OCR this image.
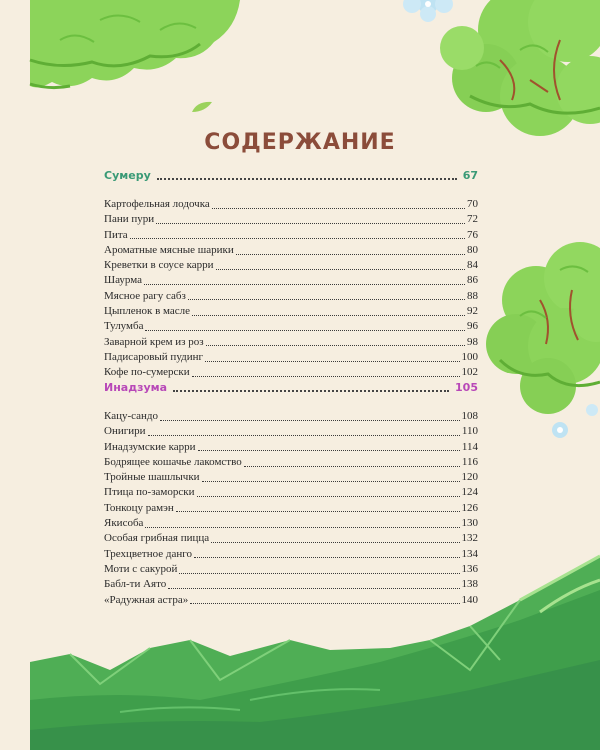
СОДЕРЖАНИЕ
Сумеру	67
Картофельная лодочка	70
Пани пури	72
Пита	76
Ароматные мясные шарики	80
Креветки в соусе карри	84
Шаурма	86
Мясное рагу сабз	88
Цыпленок в масле	92
Тулумба	96
Заварной крем из роз	98
Падисаровый пудинг	100
Кофе по-сумерски	102
Инадзума	105
Кацу-сандо	108
Онигири	110
Инадзумские карри	114
Бодрящее кошачье лакомство	116
Тройные шашлычки	120
Птица по-заморски	124
Тонкоцу рамэн	126
Якисоба	130
Особая грибная пицца	132
Трехцветное данго	134
Моти с сакурой	136
Бабл-ти Аято	138
«Радужная астра»	140
